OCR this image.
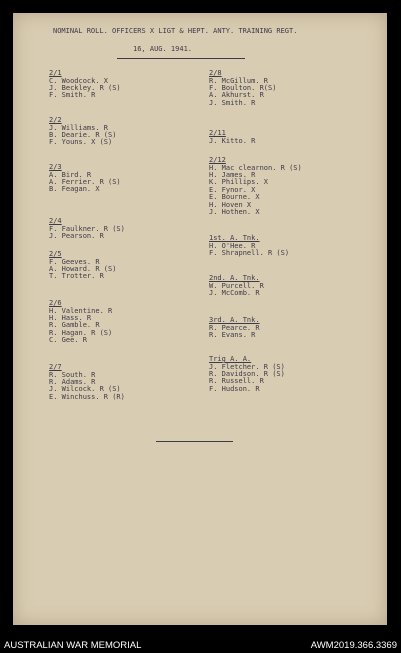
NOMINAL ROLL. OFFICERS X LIGT & HEPT. ANTY. TRAINING REGT.
16, AUG. 1941.
2/1
C. Woodcock. X
J. Beckley. R (S)
F. Smith. R
2/2
J. Williams. R
B. Dearie. R (S)
F. Youns. X (S)
2/3
A. Bird. R
A. Ferrier. R (S)
B. Feagan. X
2/4
F. Faulkner. R (S)
J. Pearson. R
2/5
F. Geeves. R
A. Howard. R (S)
T. Trotter. R
2/6
H. Valentine. R
H. Hass. R
R. Gamble. R
R. Hagan. R (S)
C. Gee. R
2/7
R. South. R
R. Adams. R
J. Wilcock. R (S)
E. Winchuss. R (R)
2/8
R. McGillum. R
F. Boulton. R(S)
A. Akhurst. R
J. Smith. R
2/11
J. Kitto. R
2/12
H. Mac clearnon. R (S)
H. James. R
K. Phillips. X
E. Fynor. X
E. Bourne. X
H. Hoven X
J. Hothen. X
1st. A. Tnk.
H. O'Hee. R
F. Shrapnell. R (S)
2nd. A. Tnk.
W. Purcell. R
J. McComb. R
3rd. A. Tnk.
R. Pearce. R
R. Evans. R
Trig A. A.
J. Fletcher. R (S)
R. Davidson. R (S)
R. Russell. R
F. Hudson. R
AUSTRALIAN WAR MEMORIAL	AWM2019.366.3369
